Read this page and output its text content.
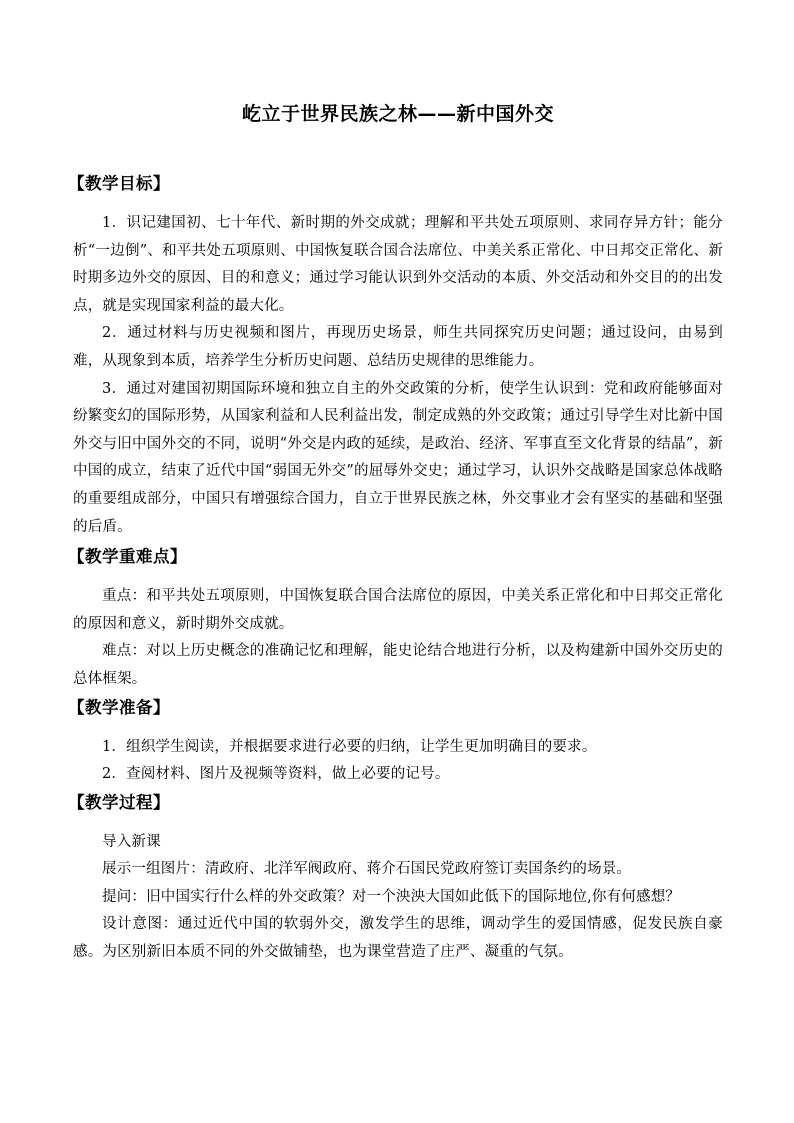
屹立于世界民族之林——新中国外交
【教学目标】

1．识记建国初、七十年代、新时期的外交成就；理解和平共处五项原则、求同存异方针；能分析“一边倒”、和平共处五项原则、中国恢复联合国合法席位、中美关系正常化、中日邦交正常化、新时期多边外交的原因、目的和意义；通过学习能认识到外交活动的本质、外交活动和外交目的的出发点，就是实现国家利益的最大化。

2．通过材料与历史视频和图片，再现历史场景，师生共同探究历史问题；通过设问，由易到难，从现象到本质，培养学生分析历史问题、总结历史规律的思维能力。

3．通过对建国初期国际环境和独立自主的外交政策的分析，使学生认识到：党和政府能够面对纷繁变幻的国际形势，从国家利益和人民利益出发，制定成熟的外交政策；通过引导学生对比新中国外交与旧中国外交的不同，说明“外交是内政的延续，是政治、经济、军事直至文化背景的结晶”，新中国的成立，结束了近代中国“弱国无外交”的屈辱外交史；通过学习，认识外交战略是国家总体战略的重要组成部分，中国只有增强综合国力，自立于世界民族之林，外交事业才会有坚实的基础和坚强的后盾。

【教学重难点】

重点：和平共处五项原则，中国恢复联合国合法席位的原因，中美关系正常化和中日邦交正常化的原因和意义，新时期外交成就。

难点：对以上历史概念的准确记忆和理解，能史论结合地进行分析，以及构建新中国外交历史的总体框架。

【教学准备】

1．组织学生阅读，并根据要求进行必要的归纳，让学生更加明确目的要求。

2．查阅材料、图片及视频等资料，做上必要的记号。

【教学过程】

导入新课

展示一组图片：清政府、北洋军阀政府、蒋介石国民党政府签订卖国条约的场景。

提问：旧中国实行什么样的外交政策？对一个泱泱大国如此低下的国际地位,你有何感想？

设计意图：通过近代中国的软弱外交，激发学生的思维，调动学生的爱国情感，促发民族自豪感。为区别新旧本质不同的外交做铺垫，也为课堂营造了庄严、凝重的气氛。
